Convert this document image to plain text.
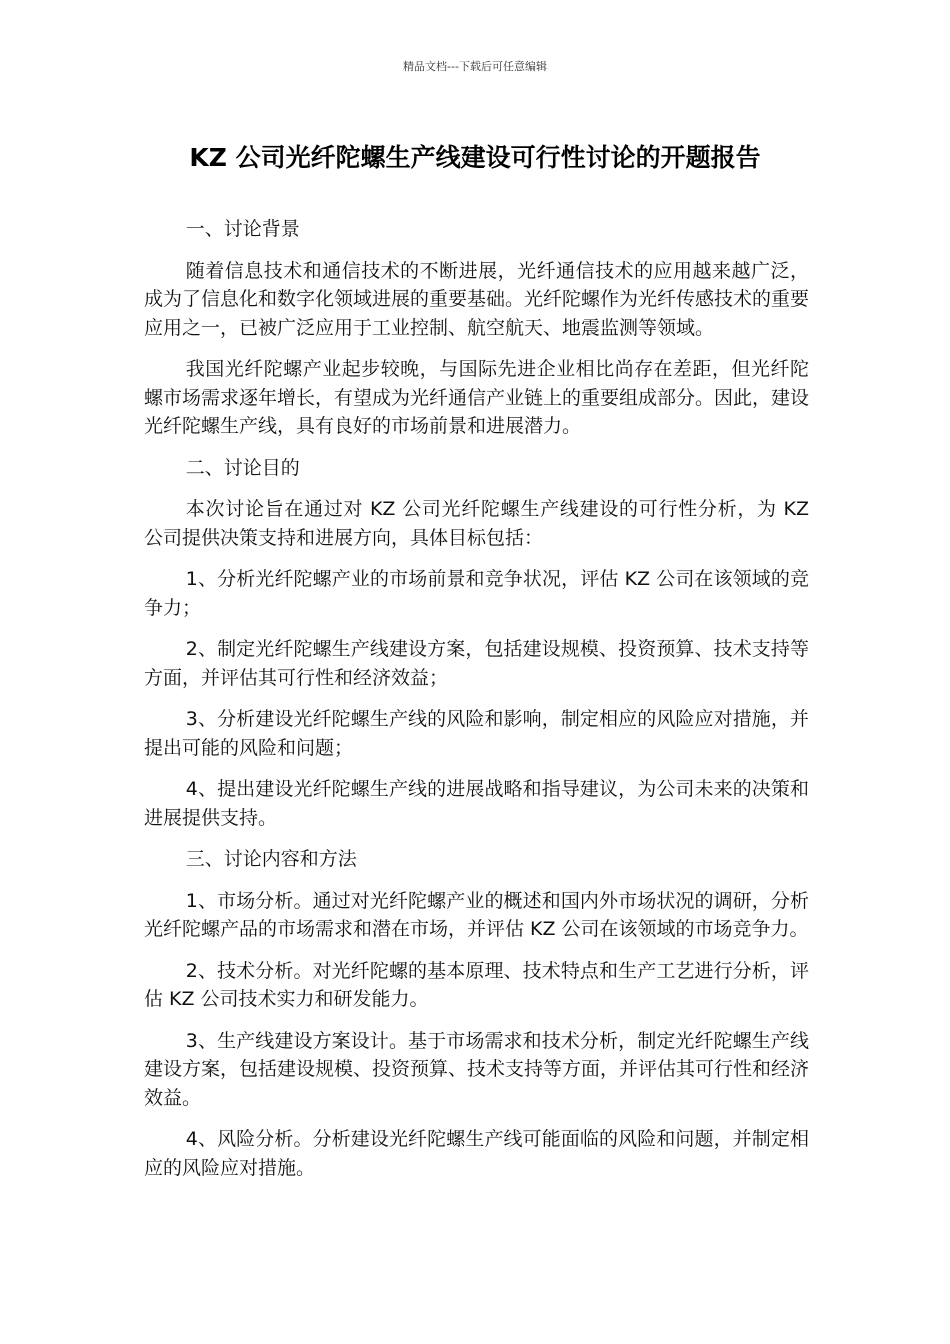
精品文档---下载后可任意编辑
KZ 公司光纤陀螺生产线建设可行性讨论的开题报告

一、讨论背景

随着信息技术和通信技术的不断进展，光纤通信技术的应用越来越广泛，成为了信息化和数字化领域进展的重要基础。光纤陀螺作为光纤传感技术的重要应用之一，已被广泛应用于工业控制、航空航天、地震监测等领域。

我国光纤陀螺产业起步较晚，与国际先进企业相比尚存在差距，但光纤陀螺市场需求逐年增长，有望成为光纤通信产业链上的重要组成部分。因此，建设光纤陀螺生产线，具有良好的市场前景和进展潜力。

二、讨论目的

本次讨论旨在通过对 KZ 公司光纤陀螺生产线建设的可行性分析，为 KZ 公司提供决策支持和进展方向，具体目标包括：

1、分析光纤陀螺产业的市场前景和竞争状况，评估 KZ 公司在该领域的竞争力；

2、制定光纤陀螺生产线建设方案，包括建设规模、投资预算、技术支持等方面，并评估其可行性和经济效益；

3、分析建设光纤陀螺生产线的风险和影响，制定相应的风险应对措施，并提出可能的风险和问题；

4、提出建设光纤陀螺生产线的进展战略和指导建议，为公司未来的决策和进展提供支持。

三、讨论内容和方法

1、市场分析。通过对光纤陀螺产业的概述和国内外市场状况的调研，分析光纤陀螺产品的市场需求和潜在市场，并评估 KZ 公司在该领域的市场竞争力。

2、技术分析。对光纤陀螺的基本原理、技术特点和生产工艺进行分析，评估 KZ 公司技术实力和研发能力。

3、生产线建设方案设计。基于市场需求和技术分析，制定光纤陀螺生产线建设方案，包括建设规模、投资预算、技术支持等方面，并评估其可行性和经济效益。

4、风险分析。分析建设光纤陀螺生产线可能面临的风险和问题，并制定相应的风险应对措施。
